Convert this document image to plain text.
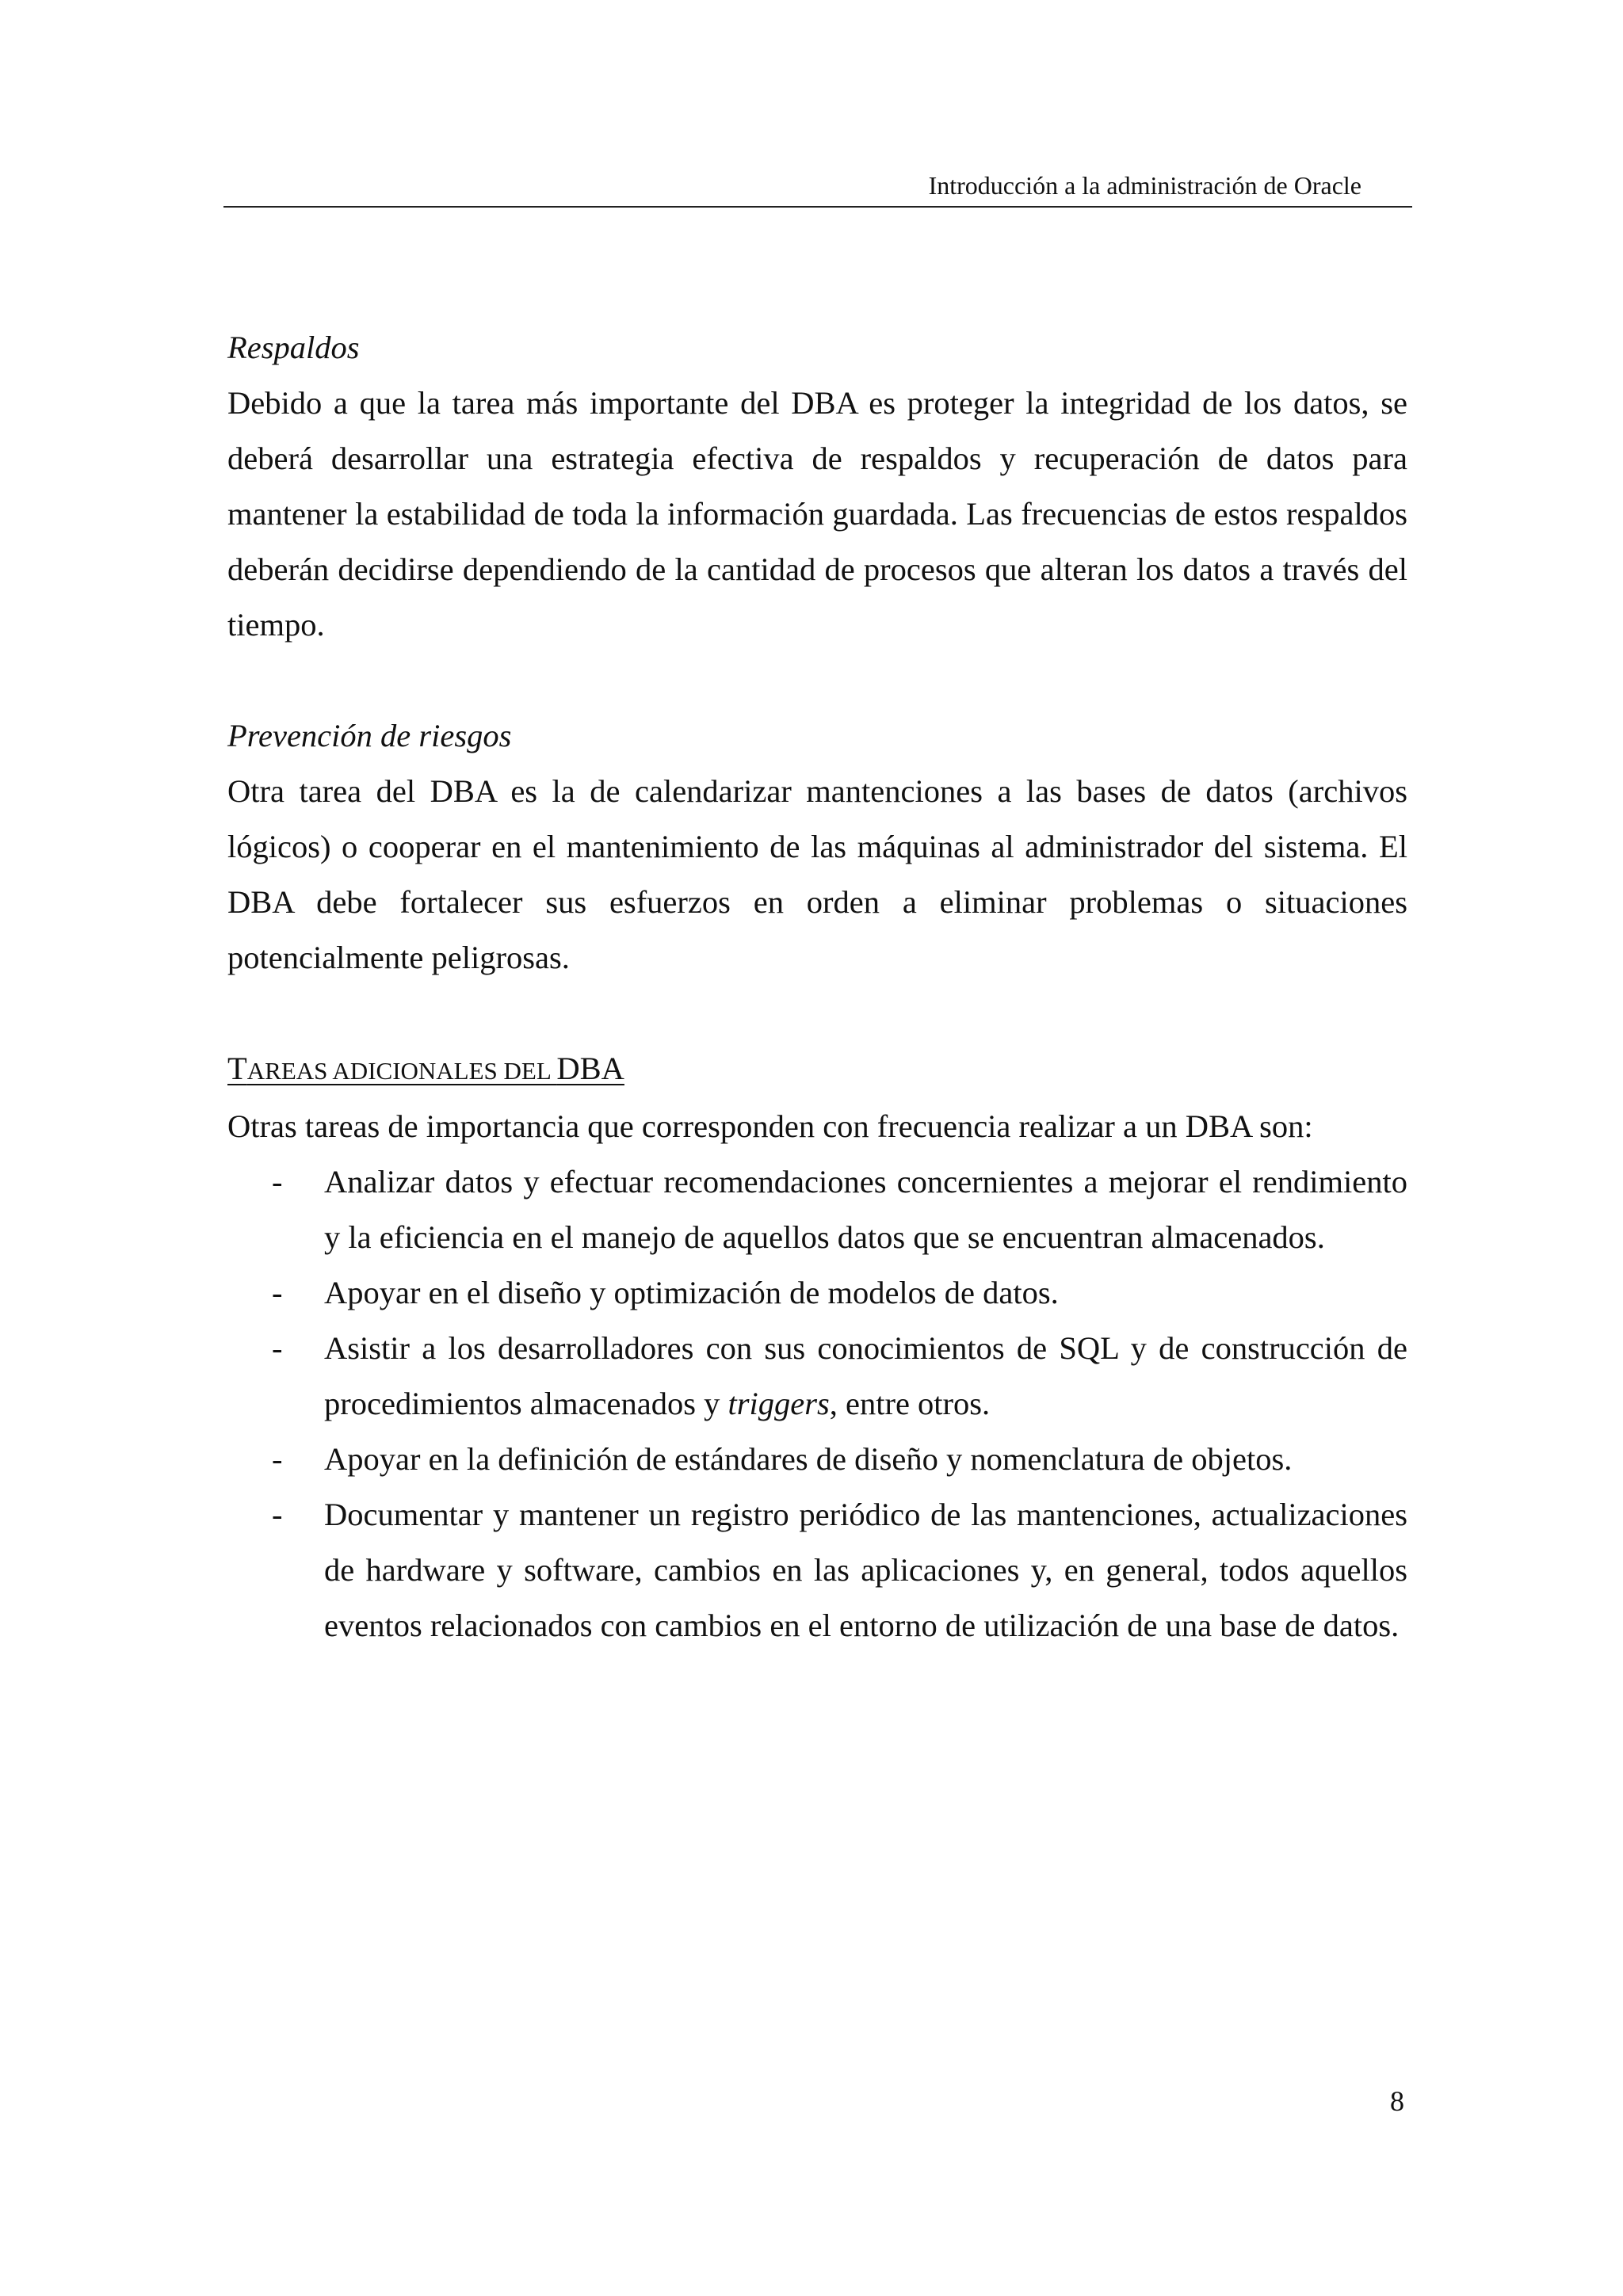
Introducción a la administración de Oracle

Respaldos

Debido a que la tarea más importante del DBA es proteger la integridad de los datos, se deberá desarrollar una estrategia efectiva de respaldos y recuperación de datos para mantener la estabilidad de toda la información guardada. Las frecuencias de estos respaldos deberán decidirse dependiendo de la cantidad de procesos que alteran los datos a través del tiempo.

Prevención de riesgos

Otra tarea del DBA es la de calendarizar mantenciones a las bases de datos (archivos lógicos) o cooperar en el mantenimiento de las máquinas al administrador del sistema. El DBA debe fortalecer sus esfuerzos en orden a eliminar problemas o situaciones potencialmente peligrosas.

TAREAS ADICIONALES DEL DBA

Otras tareas de importancia que corresponden con frecuencia realizar a un DBA son:

- Analizar datos y efectuar recomendaciones concernientes a mejorar el rendimiento y la eficiencia en el manejo de aquellos datos que se encuentran almacenados.
- Apoyar en el diseño y optimización de modelos de datos.
- Asistir a los desarrolladores con sus conocimientos de SQL y de construcción de procedimientos almacenados y triggers, entre otros.
- Apoyar en la definición de estándares de diseño y nomenclatura de objetos.
- Documentar y mantener un registro periódico de las mantenciones, actualizaciones de hardware y software, cambios en las aplicaciones y, en general, todos aquellos eventos relacionados con cambios en el entorno de utilización de una base de datos.
8
